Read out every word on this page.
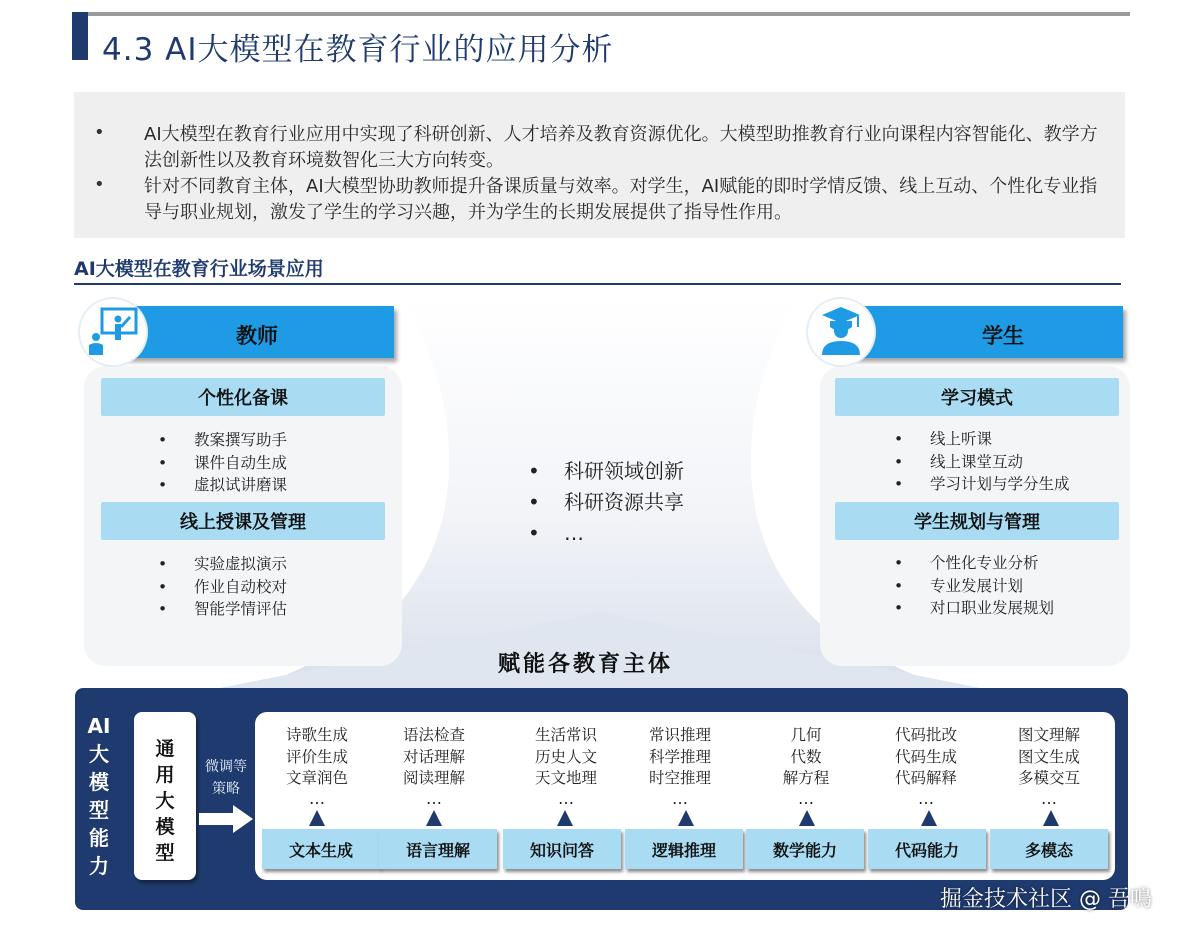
4.3 AI大模型在教育行业的应用分析
• AI大模型在教育行业应用中实现了科研创新、人才培养及教育资源优化。大模型助推教育行业向课程内容智能化、教学方法创新性以及教育环境数智化三大方向转变。
• 针对不同教育主体，AI大模型协助教师提升备课质量与效率。对学生，AI赋能的即时学情反馈、线上互动、个性化专业指导与职业规划，激发了学生的学习兴趣，并为学生的长期发展提供了指导性作用。
AI大模型在教育行业场景应用
教师
个性化备课
•	教案撰写助手
•	课件自动生成
•	虚拟试讲磨课
线上授课及管理
•	实验虚拟演示
•	作业自动校对
•	智能学情评估
学生
学习模式
•	线上听课
•	线上课堂互动
•	学习计划与学分生成
学生规划与管理
•	个性化专业分析
•	专业发展计划
•	对口职业发展规划
•	科研领域创新
•	科研资源共享
•	…
赋能各教育主体
AI
大
模
型
能
力
通
用
大
模
型
微调等
策略
诗歌生成
评价生成
文章润色
…
文本生成
语法检查
对话理解
阅读理解
…
语言理解
生活常识
历史人文
天文地理
…
知识问答
常识推理
科学推理
时空推理
…
逻辑推理
几何
代数
解方程
…
数学能力
代码批改
代码生成
代码解释
…
代码能力
图文理解
图文生成
多模交互
…
多模态
掘金技术社区 @ 吾鳴
